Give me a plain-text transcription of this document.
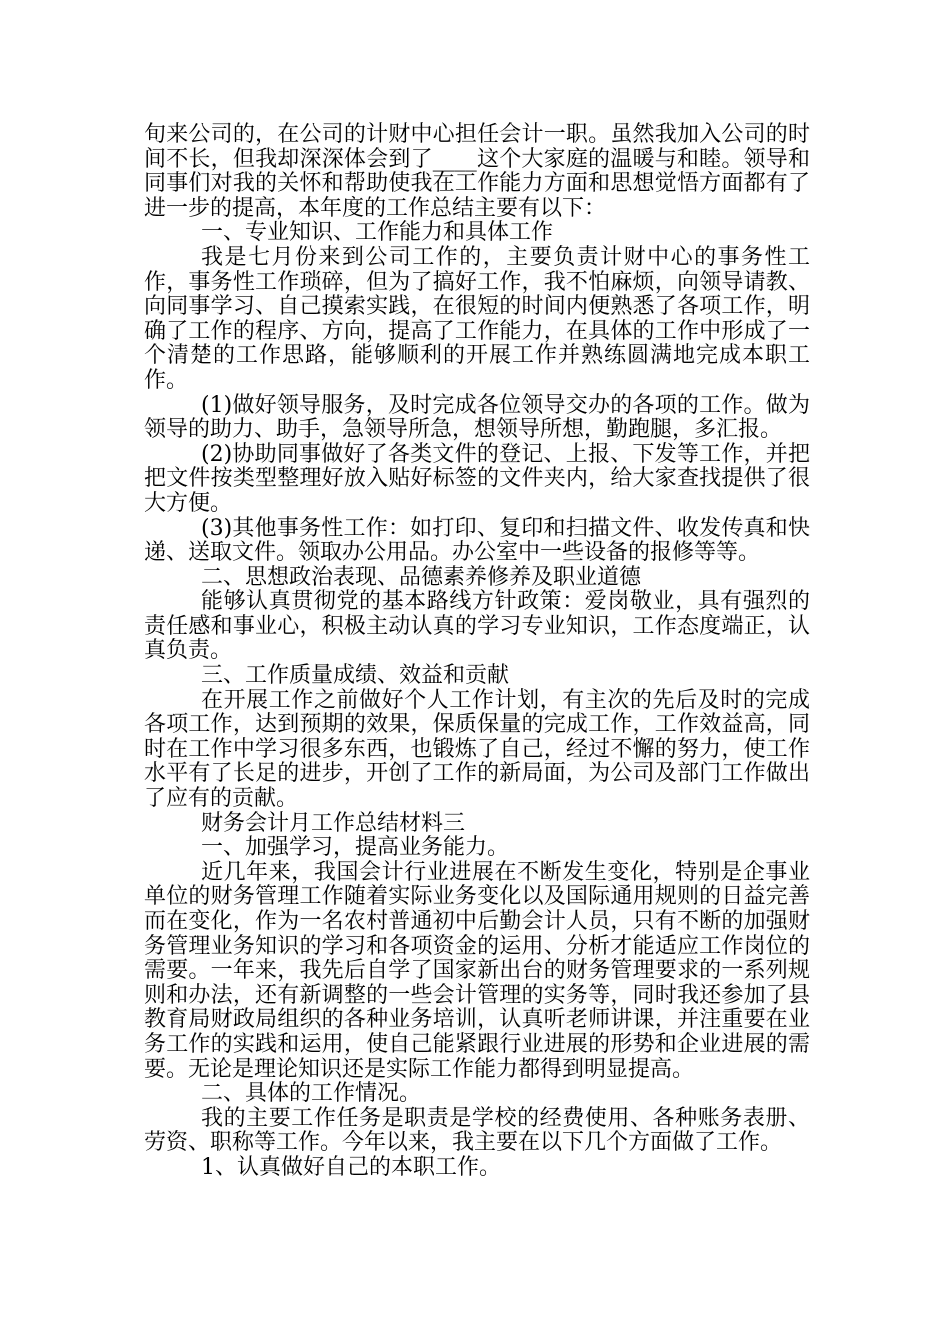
旬来公司的，在公司的计财中心担任会计一职。虽然我加入公司的时间不长，但我却深深体会到了____这个大家庭的温暖与和睦。领导和同事们对我的关怀和帮助使我在工作能力方面和思想觉悟方面都有了进一步的提高，本年度的工作总结主要有以下：

一、专业知识、工作能力和具体工作

我是七月份来到公司工作的，主要负责计财中心的事务性工作，事务性工作琐碎，但为了搞好工作，我不怕麻烦，向领导请教、向同事学习、自己摸索实践，在很短的时间内便熟悉了各项工作，明确了工作的程序、方向，提高了工作能力，在具体的工作中形成了一个清楚的工作思路，能够顺利的开展工作并熟练圆满地完成本职工作。

(1)做好领导服务，及时完成各位领导交办的各项的工作。做为领导的助力、助手，急领导所急，想领导所想，勤跑腿，多汇报。

(2)协助同事做好了各类文件的登记、上报、下发等工作，并把把文件按类型整理好放入贴好标签的文件夹内，给大家查找提供了很大方便。

(3)其他事务性工作：如打印、复印和扫描文件、收发传真和快递、送取文件。领取办公用品。办公室中一些设备的报修等等。

二、思想政治表现、品德素养修养及职业道德

能够认真贯彻党的基本路线方针政策：爱岗敬业，具有强烈的责任感和事业心，积极主动认真的学习专业知识，工作态度端正，认真负责。

三、工作质量成绩、效益和贡献

在开展工作之前做好个人工作计划，有主次的先后及时的完成各项工作，达到预期的效果，保质保量的完成工作，工作效益高，同时在工作中学习很多东西，也锻炼了自己，经过不懈的努力，使工作水平有了长足的进步，开创了工作的新局面，为公司及部门工作做出了应有的贡献。

财务会计月工作总结材料三

一、加强学习，提高业务能力。

近几年来，我国会计行业进展在不断发生变化，特别是企事业单位的财务管理工作随着实际业务变化以及国际通用规则的日益完善而在变化，作为一名农村普通初中后勤会计人员，只有不断的加强财务管理业务知识的学习和各项资金的运用、分析才能适应工作岗位的需要。一年来，我先后自学了国家新出台的财务管理要求的一系列规则和办法，还有新调整的一些会计管理的实务等，同时我还参加了县教育局财政局组织的各种业务培训，认真听老师讲课，并注重要在业务工作的实践和运用，使自己能紧跟行业进展的形势和企业进展的需要。无论是理论知识还是实际工作能力都得到明显提高。

二、具体的工作情况。

我的主要工作任务是职责是学校的经费使用、各种账务表册、劳资、职称等工作。今年以来，我主要在以下几个方面做了工作。

1、认真做好自己的本职工作。
